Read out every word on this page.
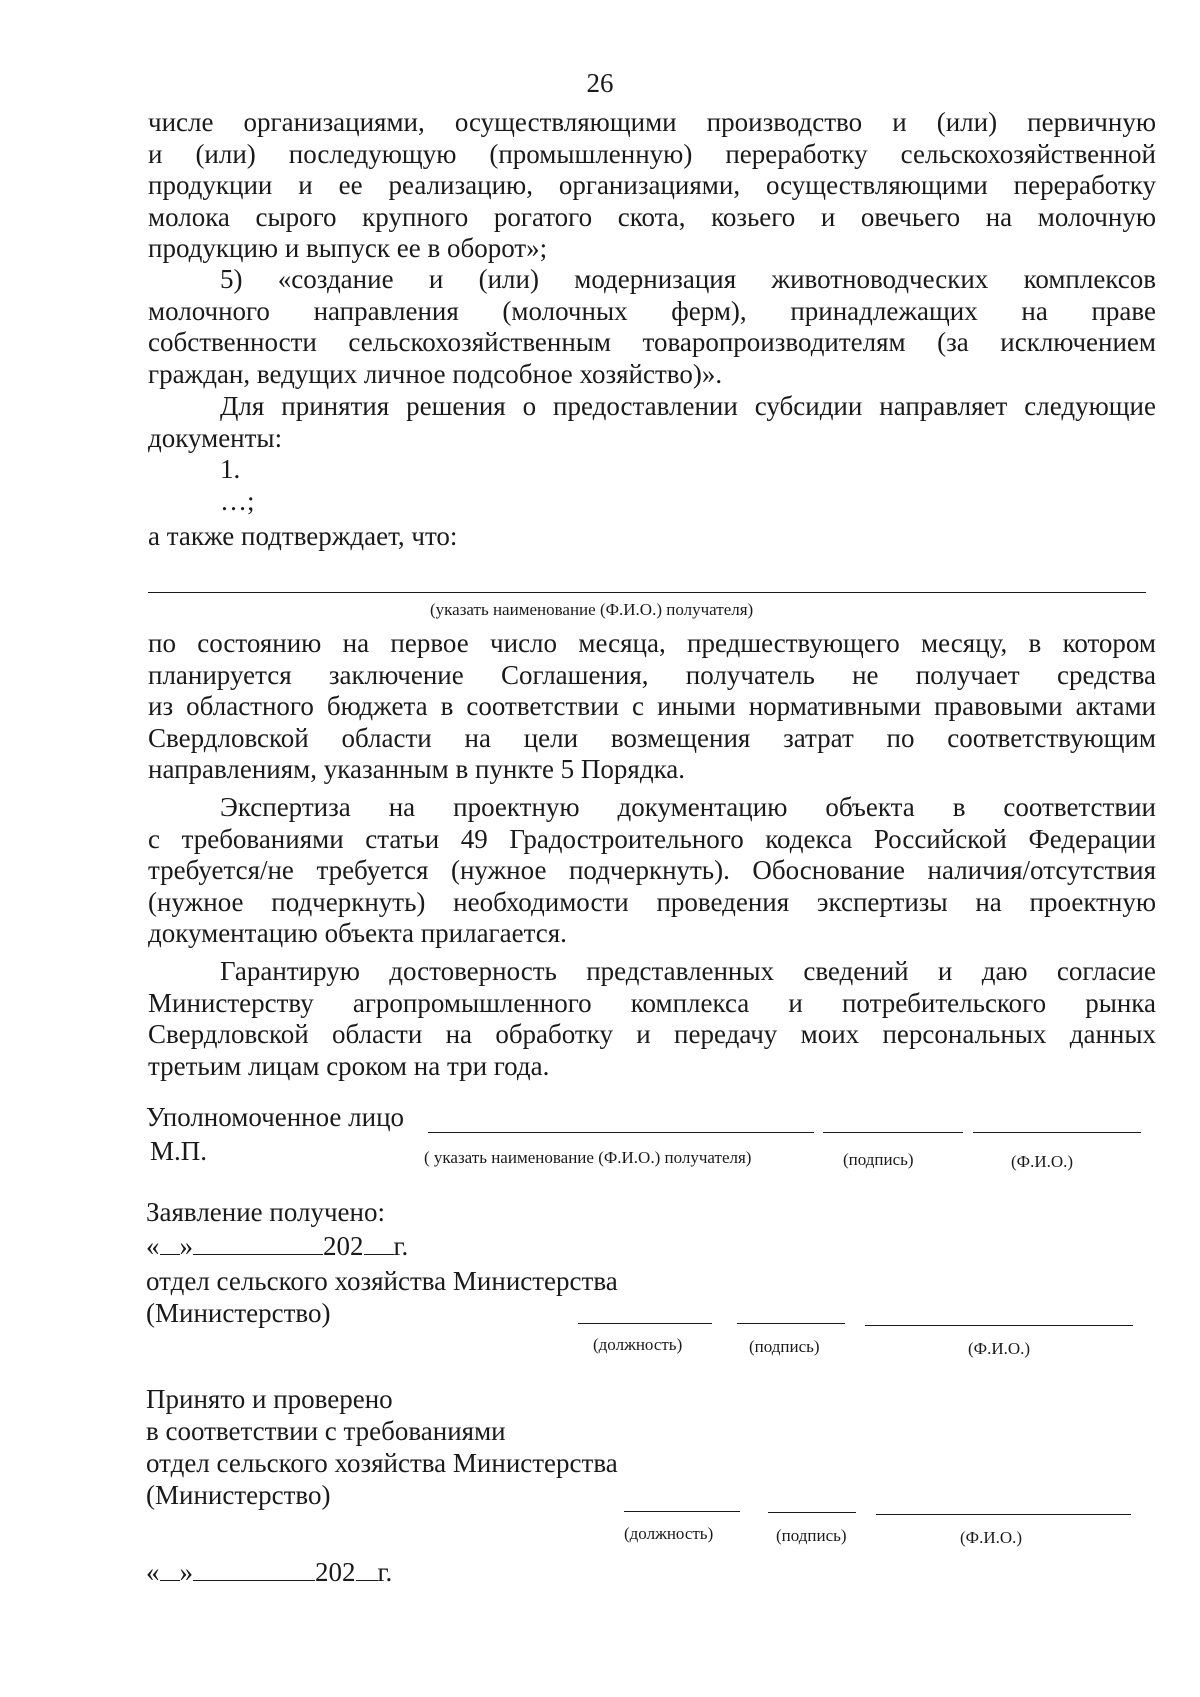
26
числе организациями, осуществляющими производство и (или) первичную
и (или) последующую (промышленную) переработку сельскохозяйственной
продукции и ее реализацию, организациями, осуществляющими переработку
молока сырого крупного рогатого скота, козьего и овечьего на молочную
продукцию и выпуск ее в оборот»;
5) «создание и (или) модернизация животноводческих комплексов
молочного направления (молочных ферм), принадлежащих на праве
собственности сельскохозяйственным товаропроизводителям (за исключением
граждан, ведущих личное подсобное хозяйство)».
Для принятия решения о предоставлении субсидии направляет следующие
документы:
1.
…;
а также подтверждает, что:
(указать наименование (Ф.И.О.) получателя)
по состоянию на первое число месяца, предшествующего месяцу, в котором
планируется заключение Соглашения, получатель не получает средства
из областного бюджета в соответствии с иными нормативными правовыми актами
Свердловской области на цели возмещения затрат по соответствующим
направлениям, указанным в пункте 5 Порядка.
Экспертиза на проектную документацию объекта в соответствии
с требованиями статьи 49 Градостроительного кодекса Российской Федерации
требуется/не требуется (нужное подчеркнуть). Обоснование наличия/отсутствия
(нужное подчеркнуть) необходимости проведения экспертизы на проектную
документацию объекта прилагается.
Гарантирую достоверность представленных сведений и даю согласие
Министерству агропромышленного комплекса и потребительского рынка
Свердловской области на обработку и передачу моих персональных данных
третьим лицам сроком на три года.
Уполномоченное лицо
М.П.	( указать наименование (Ф.И.О.) получателя)	(подпись)	(Ф.И.О.)
Заявление получено:
« »	202 г.
отдел сельского хозяйства Министерства
(Министерство)
(должность)	(подпись)	(Ф.И.О.)
Принято и проверено
в соответствии с требованиями
отдел сельского хозяйства Министерства
(Министерство)
(должность)	(подпись)	(Ф.И.О.)
« »	202 г.
